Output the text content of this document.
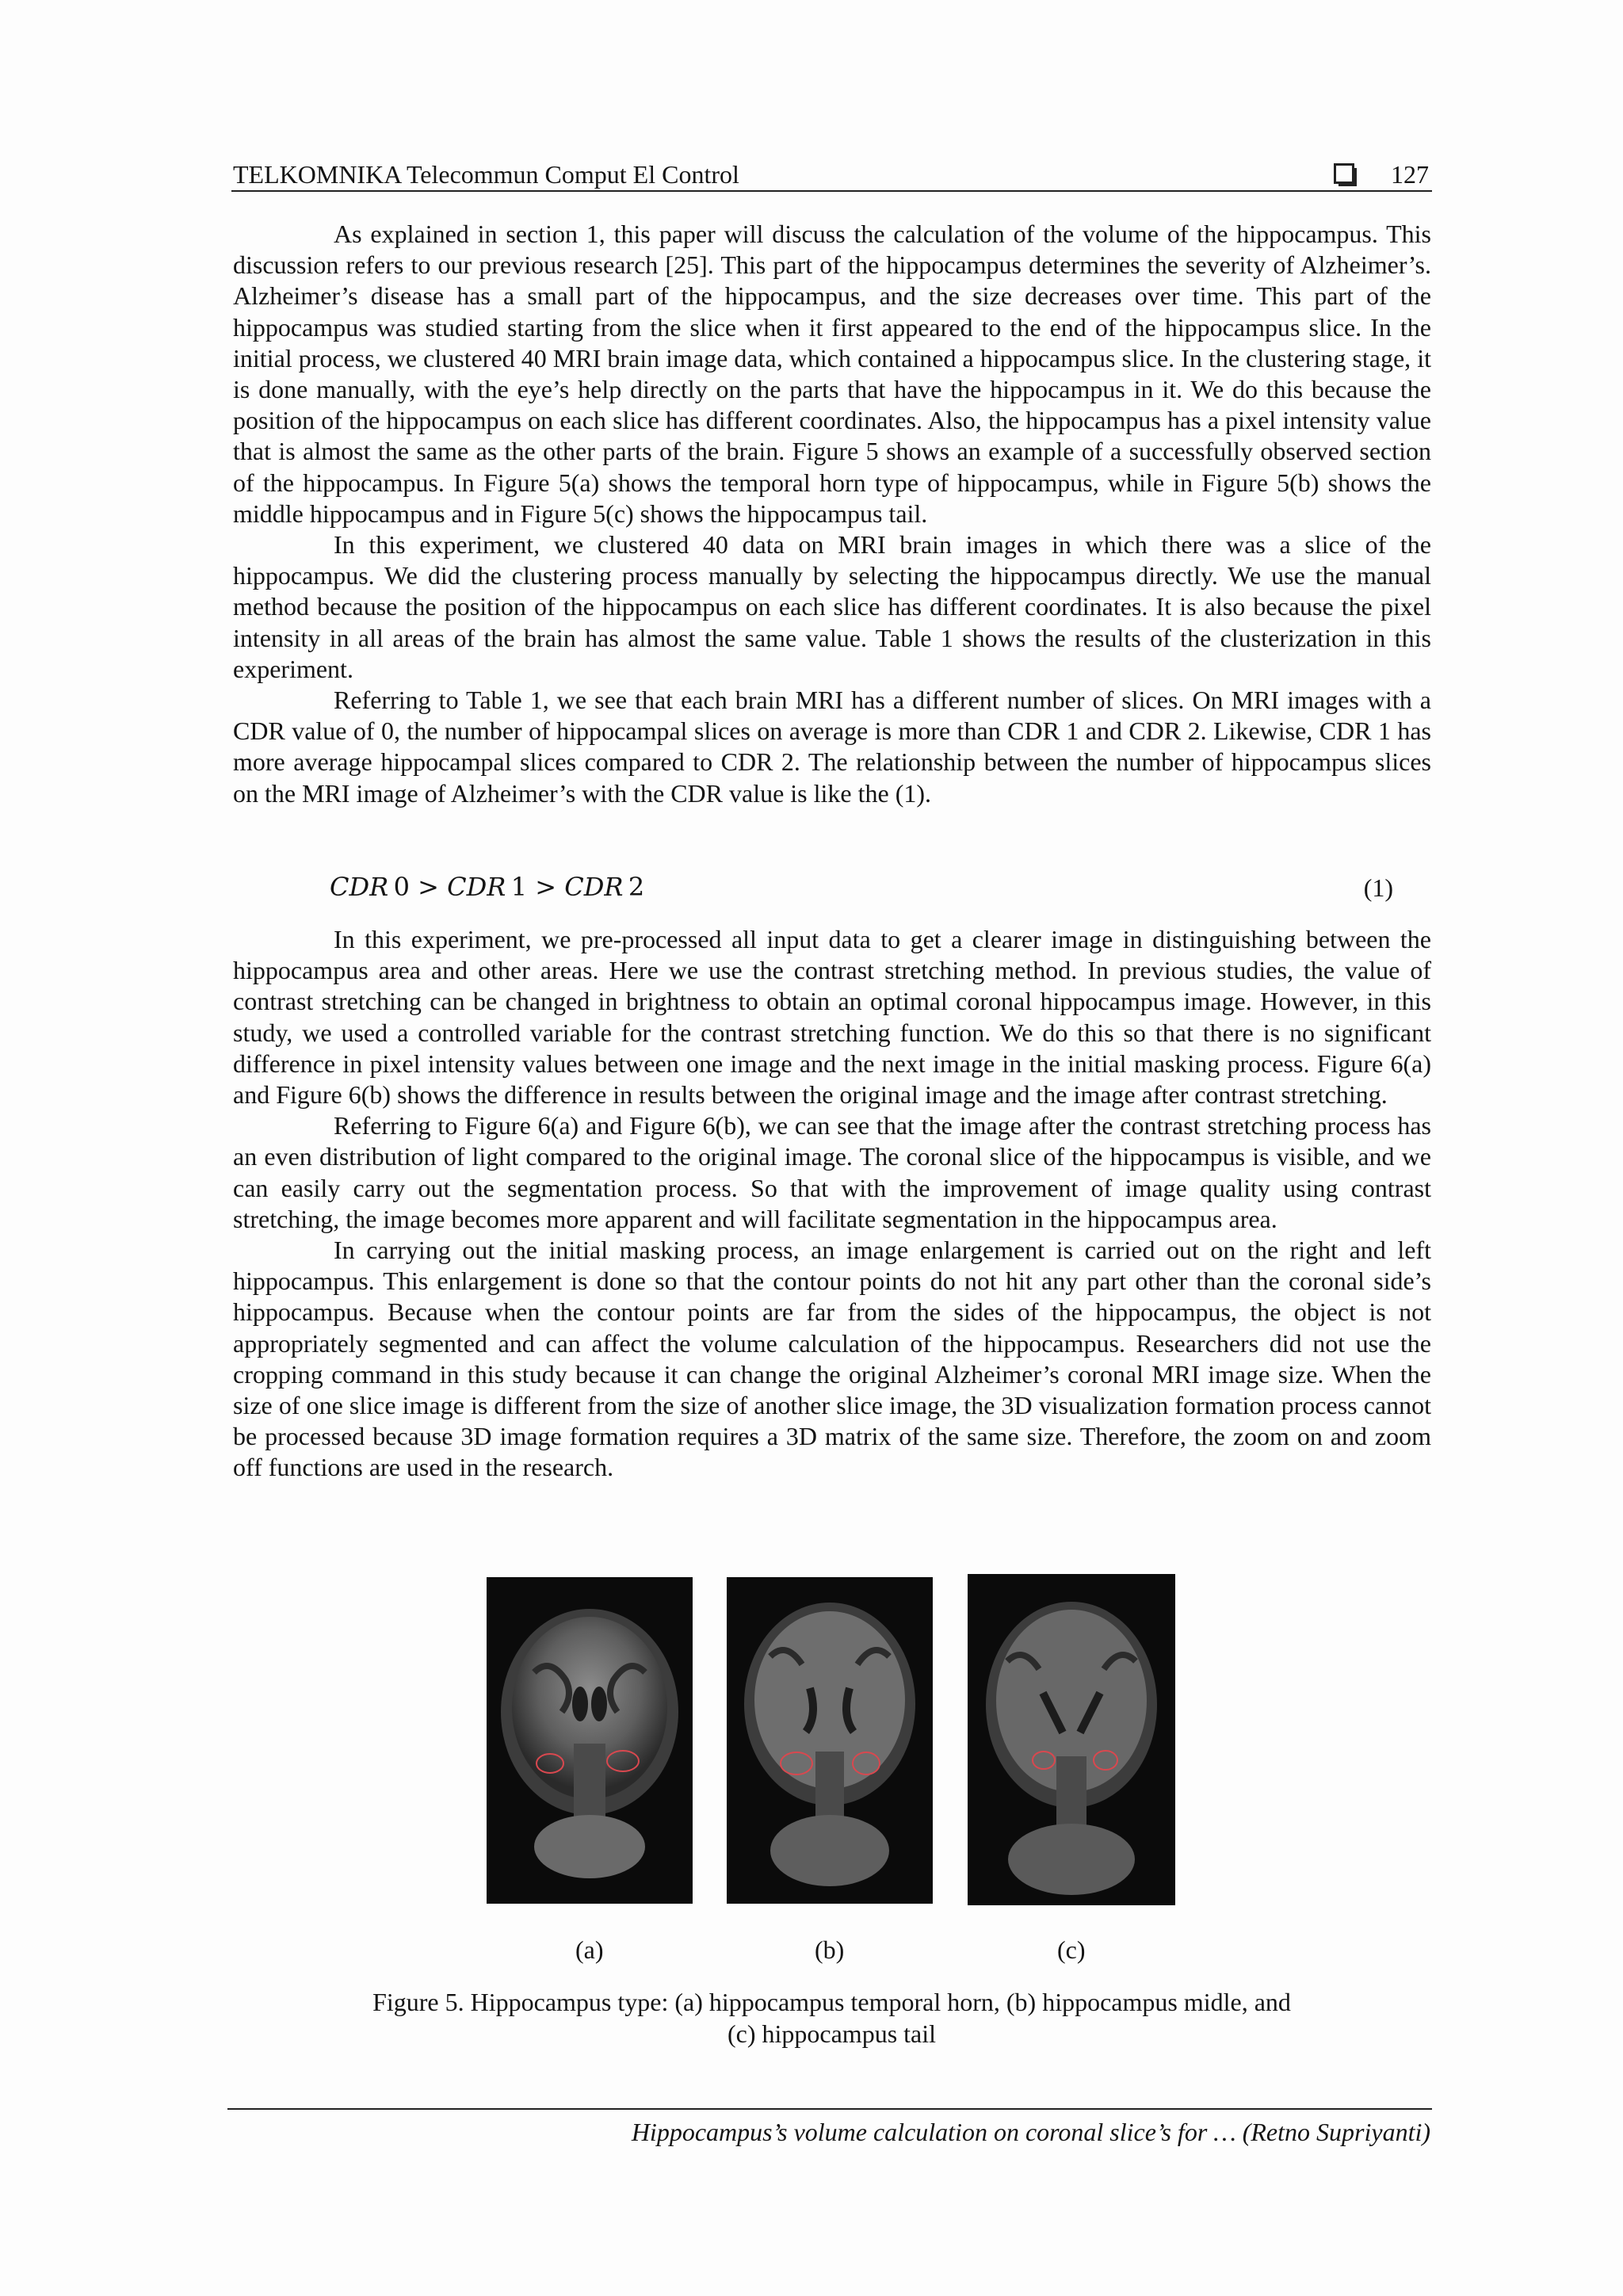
TELKOMNIKA Telecommun Comput El Control	127

As explained in section 1, this paper will discuss the calculation of the volume of the hippocampus. This discussion refers to our previous research [25]. This part of the hippocampus determines the severity of Alzheimer’s. Alzheimer’s disease has a small part of the hippocampus, and the size decreases over time. This part of the hippocampus was studied starting from the slice when it first appeared to the end of the hippocampus slice. In the initial process, we clustered 40 MRI brain image data, which contained a hippocampus slice. In the clustering stage, it is done manually, with the eye’s help directly on the parts that have the hippocampus in it. We do this because the position of the hippocampus on each slice has different coordinates. Also, the hippocampus has a pixel intensity value that is almost the same as the other parts of the brain. Figure 5 shows an example of a successfully observed section of the hippocampus. In Figure 5(a) shows the temporal horn type of hippocampus, while in Figure 5(b) shows the middle hippocampus and in Figure 5(c) shows the hippocampus tail.

In this experiment, we clustered 40 data on MRI brain images in which there was a slice of the hippocampus. We did the clustering process manually by selecting the hippocampus directly. We use the manual method because the position of the hippocampus on each slice has different coordinates. It is also because the pixel intensity in all areas of the brain has almost the same value. Table 1 shows the results of the clusterization in this experiment.

Referring to Table 1, we see that each brain MRI has a different number of slices. On MRI images with a CDR value of 0, the number of hippocampal slices on average is more than CDR 1 and CDR 2. Likewise, CDR 1 has more average hippocampal slices compared to CDR 2. The relationship between the number of hippocampus slices on the MRI image of Alzheimer’s with the CDR value is like the (1).

CDR  0 > CDR  1 > CDR  2	(1)

In this experiment, we pre-processed all input data to get a clearer image in distinguishing between the hippocampus area and other areas. Here we use the contrast stretching method. In previous studies, the value of contrast stretching can be changed in brightness to obtain an optimal coronal hippocampus image. However, in this study, we used a controlled variable for the contrast stretching function. We do this so that there is no significant difference in pixel intensity values between one image and the next image in the initial masking process. Figure 6(a) and Figure 6(b) shows the difference in results between the original image and the image after contrast stretching.

Referring to Figure 6(a) and Figure 6(b), we can see that the image after the contrast stretching process has an even distribution of light compared to the original image. The coronal slice of the hippocampus is visible, and we can easily carry out the segmentation process. So that with the improvement of image quality using contrast stretching, the image becomes more apparent and will facilitate segmentation in the hippocampus area.

In carrying out the initial masking process, an image enlargement is carried out on the right and left hippocampus. This enlargement is done so that the contour points do not hit any part other than the coronal side’s hippocampus. Because when the contour points are far from the sides of the hippocampus, the object is not appropriately segmented and can affect the volume calculation of the hippocampus. Researchers did not use the cropping command in this study because it can change the original Alzheimer’s coronal MRI image size. When the size of one slice image is different from the size of another slice image, the 3D visualization formation process cannot be processed because 3D image formation requires a 3D matrix of the same size. Therefore, the zoom on and zoom off functions are used in the research.

(a)	(b)	(c)
Figure 5. Hippocampus type: (a) hippocampus temporal horn, (b) hippocampus midle, and
(c) hippocampus tail
Hippocampus’s volume calculation on coronal slice’s for … (Retno Supriyanti)
